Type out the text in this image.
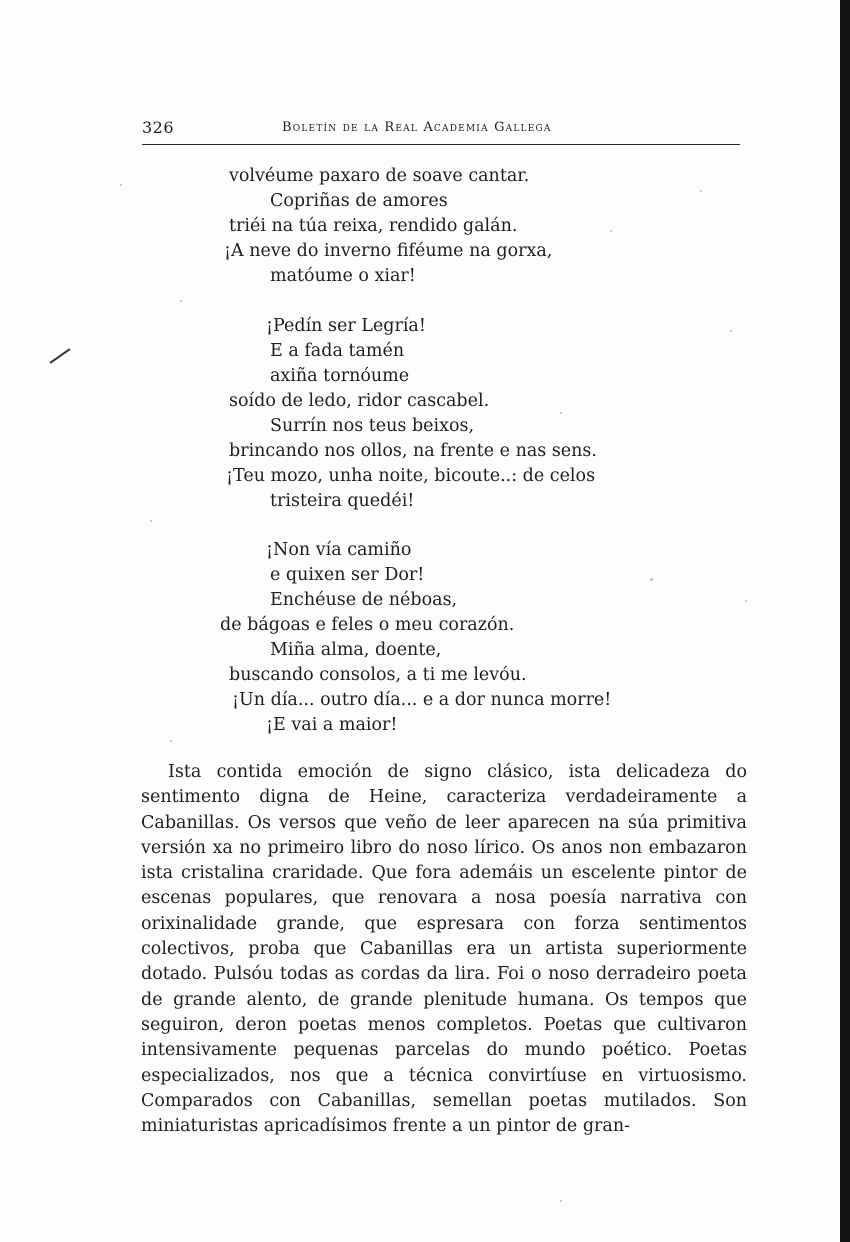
326	Boletín de la Real Academia Gallega
volvéume paxaro de soave cantar.
Copriñas de amores
triéi na túa reixa, rendido galán.
¡A neve do inverno fiféume na gorxa,
matóume o xiar!
¡Pedín ser Legría!
E a fada tamén
axiña tornóume
soído de ledo, ridor cascabel.
Surrín nos teus beixos,
brincando nos ollos, na frente e nas sens.
¡Teu mozo, unha noite, bicoute..: de celos
tristeira quedéi!
¡Non vía camiño
e quixen ser Dor!
Enchéuse de néboas,
de bágoas e feles o meu corazón.
Miña alma, doente,
buscando consolos, a ti me levóu.
¡Un día... outro día... e a dor nunca morre!
¡E vai a maior!

Ista contida emoción de signo clásico, ista delicadeza do sentimento digna de Heine, caracteriza verdadeiramente a Cabanillas. Os versos que veño de leer aparecen na súa primitiva versión xa no primeiro libro do noso lírico. Os anos non embazaron ista cristalina craridade. Que fora ademáis un escelente pintor de escenas populares, que renovara a nosa poesía narrativa con orixinalidade grande, que espresara con forza sentimentos colectivos, proba que Cabanillas era un artista superiormente dotado. Pulsóu todas as cordas da lira. Foi o noso derradeiro poeta de grande alento, de grande plenitude humana. Os tempos que seguiron, deron poetas menos completos. Poetas que cultivaron intensivamente pequenas parcelas do mundo poético. Poetas especializados, nos que a técnica convirtíuse en virtuosismo. Comparados con Cabanillas, semellan poetas mutilados. Son miniaturistas apricadísimos frente a un pintor de gran-
